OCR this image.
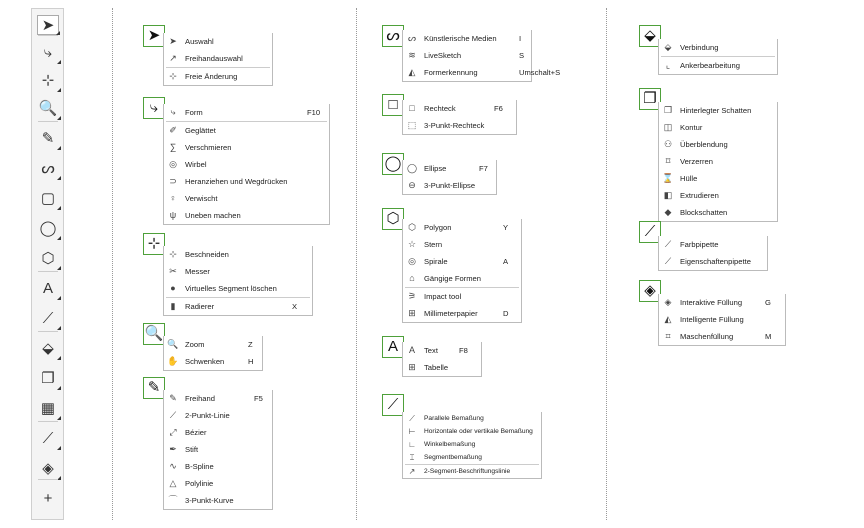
➤
⤷
⊹
🔍
✎
ᔕ
▢
◯
⬡
A
⟋
⬙
❐
▦
⟋
◈
+
➤ ➤ Auswahl
↗ Freihandauswahl
⊹ Freie Änderung
⤷	⤷	Form	F10
✐ Geglättet
∑	Verschmieren
◎ Wirbel
⊃ Heranziehen und Wegdrücken
♀	Verwischt
ψ	Uneben machen
⊹
⊹ Beschneiden
✂ Messer
●	Virtuelles Segment löschen
▮	Radierer	X
🔍
🔍 Zoom	Z
✋ Schwenken	H
✎
✎ Freihand	F5
⟋	2-Punkt-Linie
⤢	Bézier
✒ Stift
∿ B-Spline
△	Polylinie
⌒ 3-Punkt-Kurve
ᔕ ᔕ Künstlerische Medien	I
≋ LiveSketch	S
◭	Formerkennung	Umschalt+S
□	□	Rechteck	F6
⬚ 3-Punkt-Rechteck
◯ ◯ Ellipse	F7
⊖ 3-Punkt-Ellipse
⬡ ⬡ Polygon	Y
☆ Stern
◎ Spirale	A
⌂	Gängige Formen
⚞ Impact tool
⊞ Millimeterpapier	D
A	A	Text	F8
⊞ Tabelle
⟋
⟋	Parallele Bemaßung
⊢	Horizontale oder vertikale Bemaßung
∟	Winkelbemaßung
⌶	Segmentbemaßung
↗	2-Segment-Beschriftungslinie
⬙
⬙	Verbindung
⌞	Ankerbearbeitung
❐
❐ Hinterlegter Schatten
◫ Kontur
⚇ Überblendung
⌑	Verzerren
⌛ Hülle
◧ Extrudieren
◆	Blockschatten
⟋
⟋	Farbpipette
⟋	Eigenschaftenpipette
◈
◈	Interaktive Füllung	G
◭	Intelligente Füllung
⌗	Maschenfüllung	M
